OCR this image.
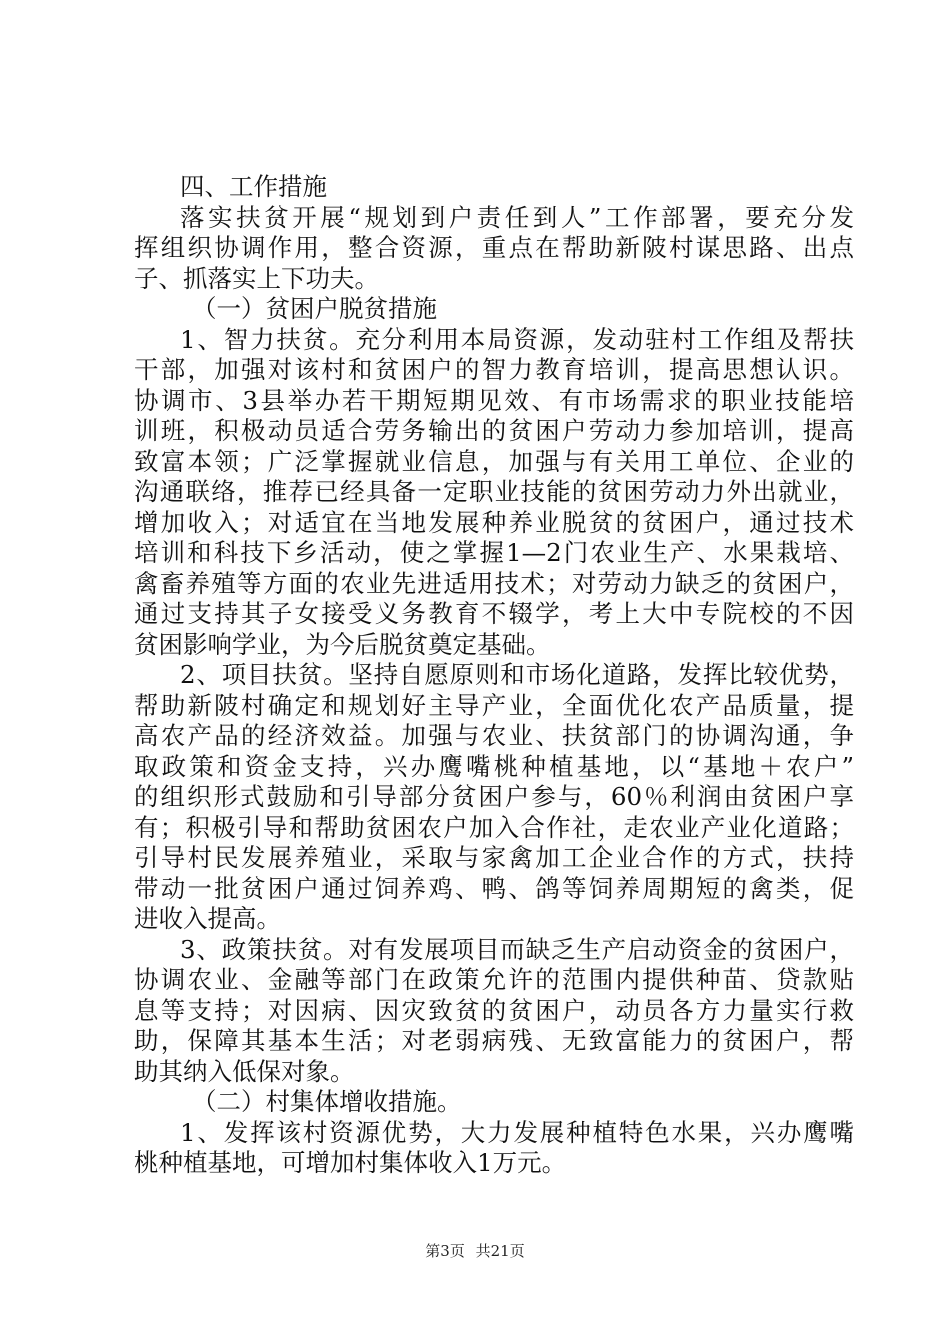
四、工作措施
落实扶贫开展“规划到户责任到人”工作部署，要充分发
挥组织协调作用，整合资源，重点在帮助新陂村谋思路、出点
子、抓落实上下功夫。
（一）贫困户脱贫措施
1、智力扶贫。充分利用本局资源，发动驻村工作组及帮扶
干部，加强对该村和贫困户的智力教育培训，提高思想认识。
协调市、3县举办若干期短期见效、有市场需求的职业技能培
训班，积极动员适合劳务输出的贫困户劳动力参加培训，提高
致富本领；广泛掌握就业信息，加强与有关用工单位、企业的
沟通联络，推荐已经具备一定职业技能的贫困劳动力外出就业，
增加收入；对适宜在当地发展种养业脱贫的贫困户，通过技术
培训和科技下乡活动，使之掌握1—2门农业生产、水果栽培、
禽畜养殖等方面的农业先进适用技术；对劳动力缺乏的贫困户，
通过支持其子女接受义务教育不辍学，考上大中专院校的不因
贫困影响学业，为今后脱贫奠定基础。
2、项目扶贫。坚持自愿原则和市场化道路，发挥比较优势，
帮助新陂村确定和规划好主导产业，全面优化农产品质量，提
高农产品的经济效益。加强与农业、扶贫部门的协调沟通，争
取政策和资金支持，兴办鹰嘴桃种植基地，以“基地＋农户”
的组织形式鼓励和引导部分贫困户参与，60％利润由贫困户享
有；积极引导和帮助贫困农户加入合作社，走农业产业化道路；
引导村民发展养殖业，采取与家禽加工企业合作的方式，扶持
带动一批贫困户通过饲养鸡、鸭、鸽等饲养周期短的禽类，促
进收入提高。
3、政策扶贫。对有发展项目而缺乏生产启动资金的贫困户，
协调农业、金融等部门在政策允许的范围内提供种苗、贷款贴
息等支持；对因病、因灾致贫的贫困户，动员各方力量实行救
助，保障其基本生活；对老弱病残、无致富能力的贫困户，帮
助其纳入低保对象。
（二）村集体增收措施。
1、发挥该村资源优势，大力发展种植特色水果，兴办鹰嘴
桃种植基地，可增加村集体收入1万元。
第3页 共21页
